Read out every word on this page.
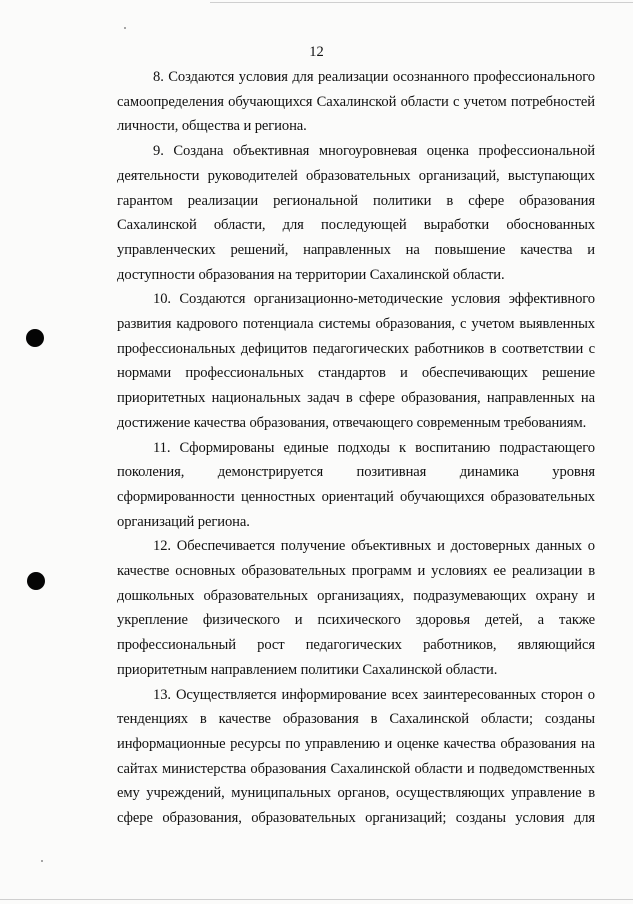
12

8. Создаются условия для реализации осознанного профессионального самоопределения обучающихся Сахалинской области с учетом потребностей личности, общества и региона.

9. Создана объективная многоуровневая оценка профессиональной деятельности руководителей образовательных организаций, выступающих гарантом реализации региональной политики в сфере образования Сахалинской области, для последующей выработки обоснованных управленческих решений, направленных на повышение качества и доступности образования на территории Сахалинской области.

10. Создаются организационно-методические условия эффективного развития кадрового потенциала системы образования, с учетом выявленных профессиональных дефицитов педагогических работников в соответствии с нормами профессиональных стандартов и обеспечивающих решение приоритетных национальных задач в сфере образования, направленных на достижение качества образования, отвечающего современным требованиям.

11. Сформированы единые подходы к воспитанию подрастающего поколения, демонстрируется позитивная динамика уровня сформированности ценностных ориентаций обучающихся образовательных организаций региона.

12. Обеспечивается получение объективных и достоверных данных о качестве основных образовательных программ и условиях ее реализации в дошкольных образовательных организациях, подразумевающих охрану и укрепление физического и психического здоровья детей, а также профессиональный рост педагогических работников, являющийся приоритетным направлением политики Сахалинской области.

13. Осуществляется информирование всех заинтересованных сторон о тенденциях в качестве образования в Сахалинской области; созданы информационные ресурсы по управлению и оценке качества образования на сайтах министерства образования Сахалинской области и подведомственных ему учреждений, муниципальных органов, осуществляющих управление в сфере образования, образовательных организаций; созданы условия для
